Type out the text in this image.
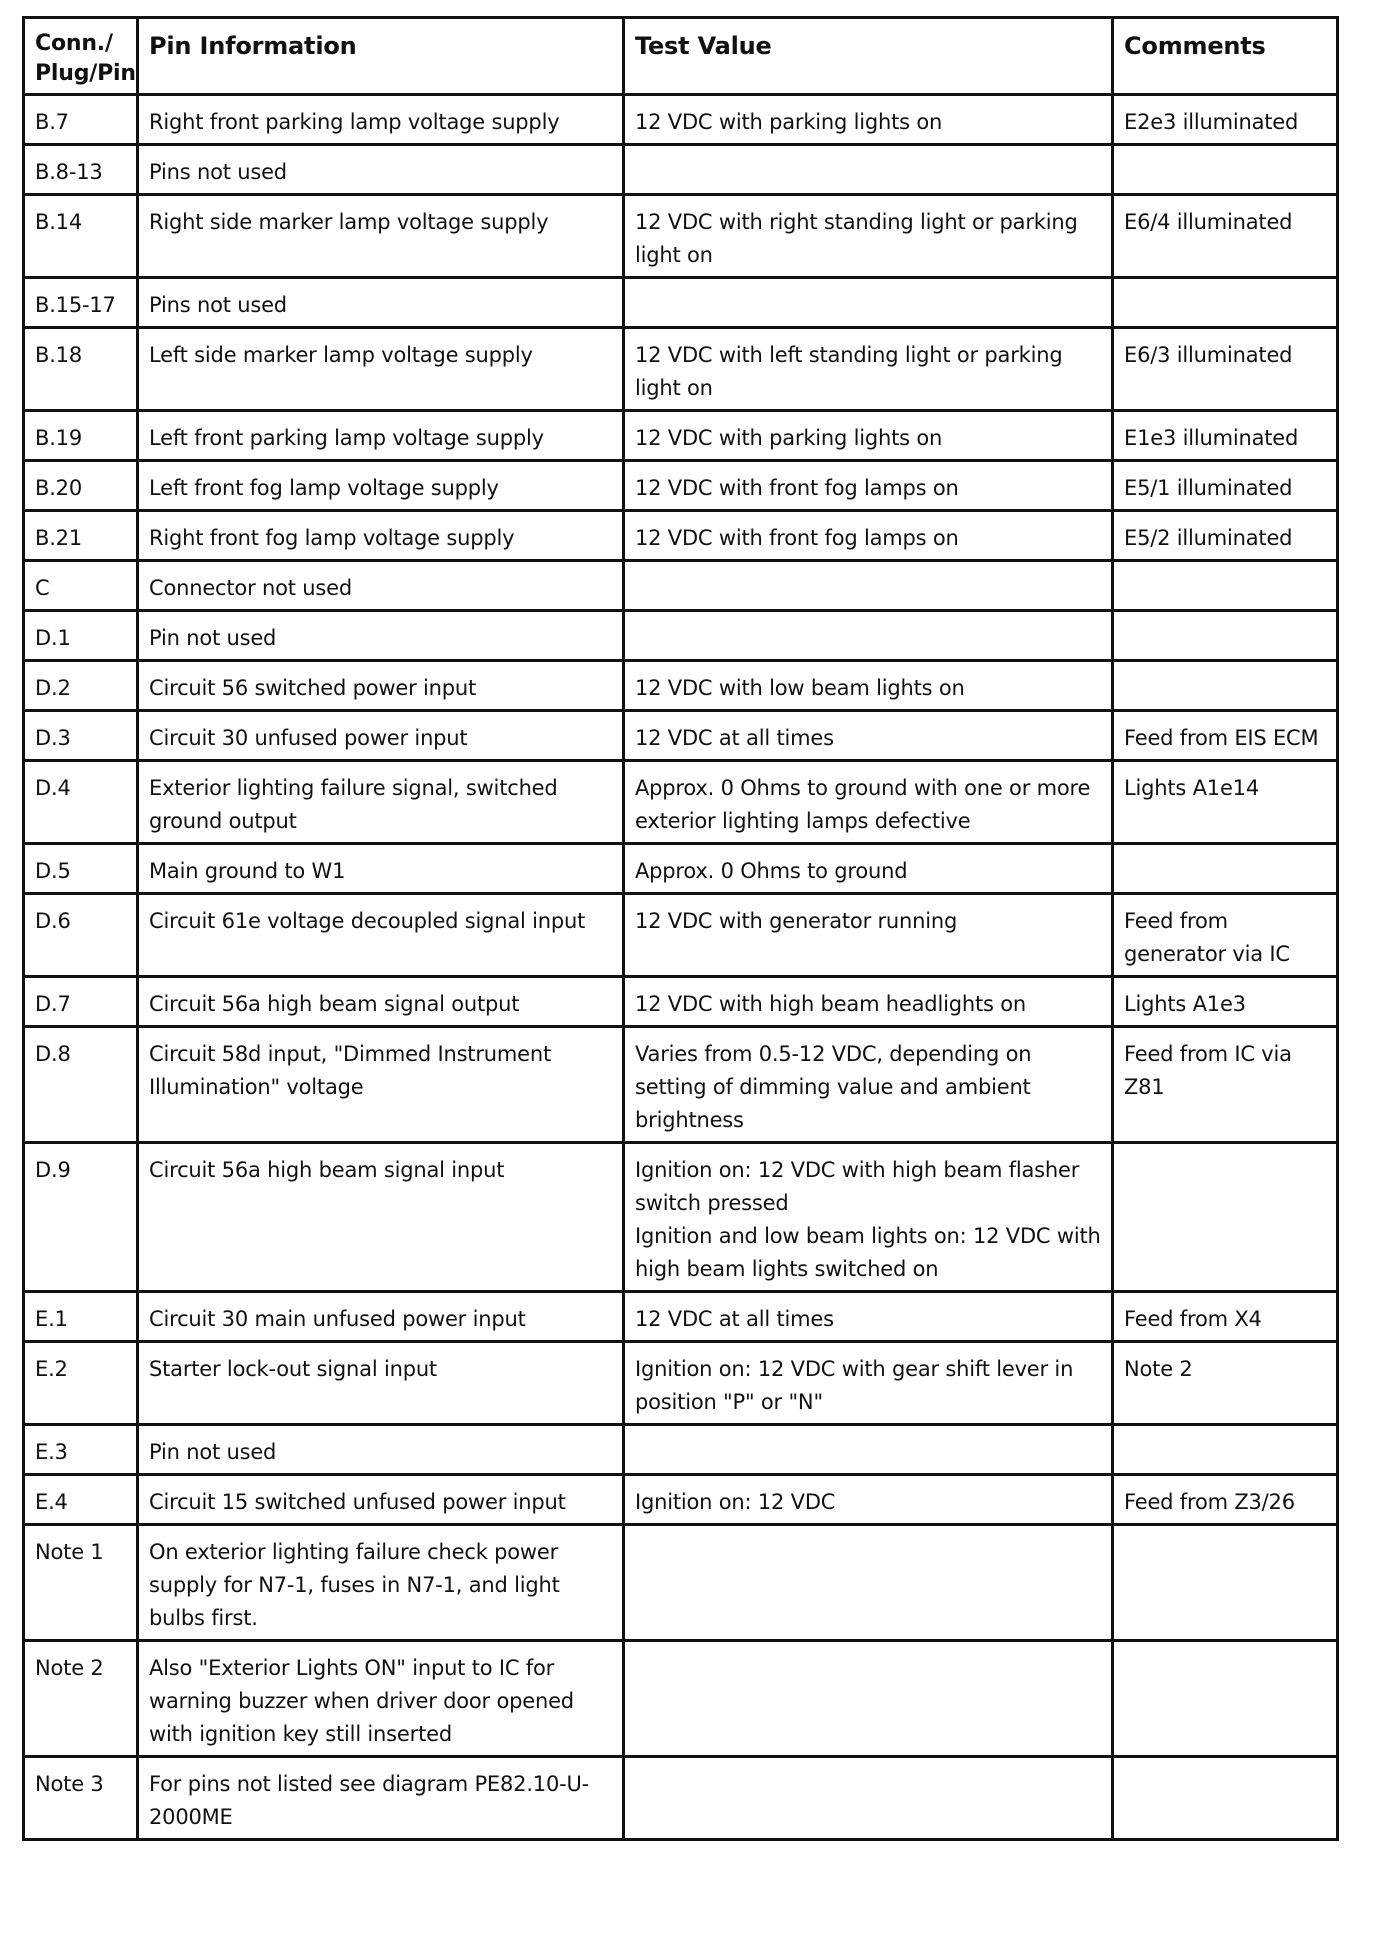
Conn./ Plug/Pin	Pin Information	Test Value	Comments
B.7	Right front parking lamp voltage supply	12 VDC with parking lights on	E2e3 illuminated
B.8-13	Pins not used		
B.14	Right side marker lamp voltage supply	12 VDC with right standing light or parking light on	E6/4 illuminated
B.15-17	Pins not used		
B.18	Left side marker lamp voltage supply	12 VDC with left standing light or parking light on	E6/3 illuminated
B.19	Left front parking lamp voltage supply	12 VDC with parking lights on	E1e3 illuminated
B.20	Left front fog lamp voltage supply	12 VDC with front fog lamps on	E5/1 illuminated
B.21	Right front fog lamp voltage supply	12 VDC with front fog lamps on	E5/2 illuminated
C	Connector not used		
D.1	Pin not used		
D.2	Circuit 56 switched power input	12 VDC with low beam lights on	
D.3	Circuit 30 unfused power input	12 VDC at all times	Feed from EIS ECM
D.4	Exterior lighting failure signal, switched ground output	Approx. 0 Ohms to ground with one or more exterior lighting lamps defective	Lights A1e14
D.5	Main ground to W1	Approx. 0 Ohms to ground	
D.6	Circuit 61e voltage decoupled signal input	12 VDC with generator running	Feed from generator via IC
D.7	Circuit 56a high beam signal output	12 VDC with high beam headlights on	Lights A1e3
D.8	Circuit 58d input, "Dimmed Instrument Illumination" voltage	Varies from 0.5-12 VDC, depending on setting of dimming value and ambient brightness	Feed from IC via Z81
D.9	Circuit 56a high beam signal input	Ignition on: 12 VDC with high beam flasher switch pressed
Ignition and low beam lights on: 12 VDC with high beam lights switched on	

E.1	Circuit 30 main unfused power input	12 VDC at all times	Feed from X4
E.2	Starter lock-out signal input	Ignition on: 12 VDC with gear shift lever in position "P" or "N"	Note 2
E.3	Pin not used		
E.4	Circuit 15 switched unfused power input	Ignition on: 12 VDC	Feed from Z3/26
Note 1	On exterior lighting failure check power supply for N7-1, fuses in N7-1, and light bulbs first.		
Note 2	Also "Exterior Lights ON" input to IC for warning buzzer when driver door opened with ignition key still inserted		
Note 3	For pins not listed see diagram PE82.10-U-2000ME		
